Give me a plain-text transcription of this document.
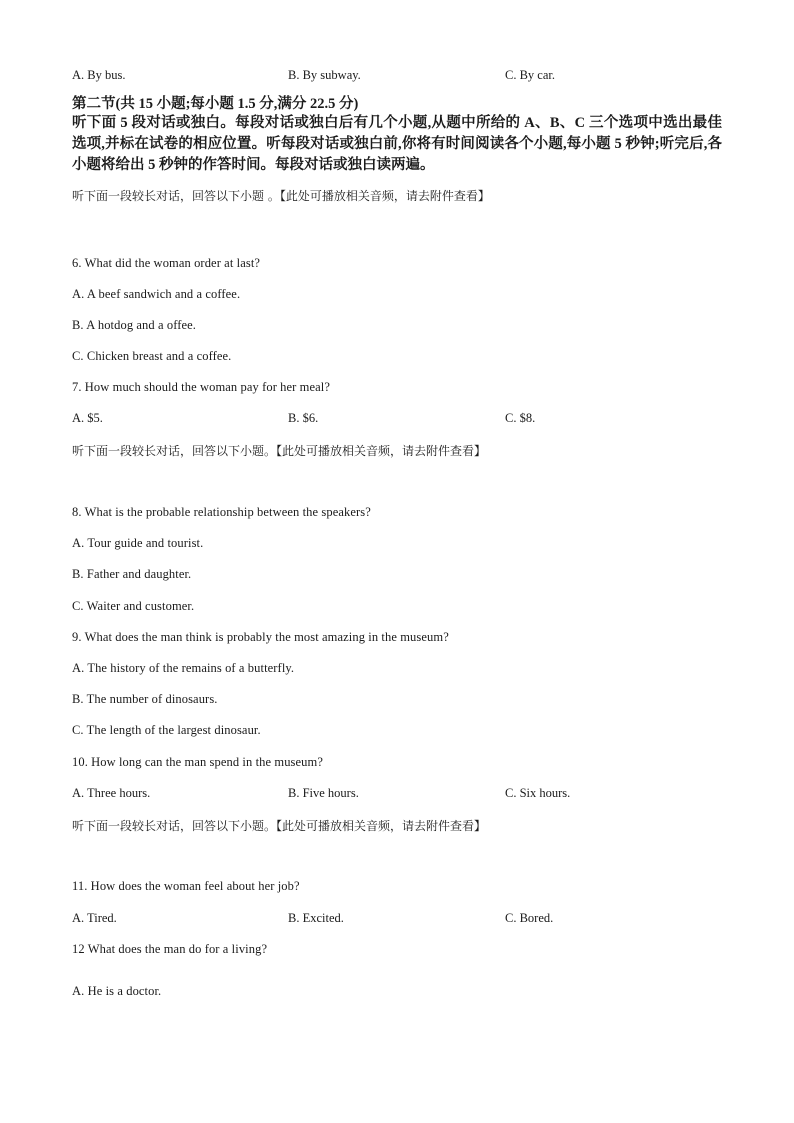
A. By bus.	B. By subway.	C. By car.
第二节(共 15 小题;每小题 1.5 分,满分 22.5 分)
听下面 5 段对话或独白。每段对话或独白后有几个小题,从题中所给的 A、B、C 三个选项中选出最佳选项,并标在试卷的相应位置。听每段对话或独白前,你将有时间阅读各个小题,每小题 5 秒钟;听完后,各小题将给出 5 秒钟的作答时间。每段对话或独白读两遍。
听下面一段较长对话，回答以下小题 。【此处可播放相关音频，请去附件查看】
6. What did the woman order at last?
A. A beef sandwich and a coffee.
B. A hotdog and a offee.
C. Chicken breast and a coffee.
7. How much should the woman pay for her meal?
A. $5.	B. $6.	C. $8.
听下面一段较长对话，回答以下小题。【此处可播放相关音频，请去附件查看】
8. What is the probable relationship between the speakers?
A. Tour guide and tourist.
B. Father and daughter.
C. Waiter and customer.
9. What does the man think is probably the most amazing in the museum?
A. The history of the remains of a butterfly.
B. The number of dinosaurs.
C. The length of the largest dinosaur.
10. How long can the man spend in the museum?
A. Three hours.	B. Five hours.	C. Six hours.
听下面一段较长对话，回答以下小题。【此处可播放相关音频，请去附件查看】
11. How does the woman feel about her job?
A. Tired.	B. Excited.	C. Bored.
12 What does the man do for a living?
A. He is a doctor.
